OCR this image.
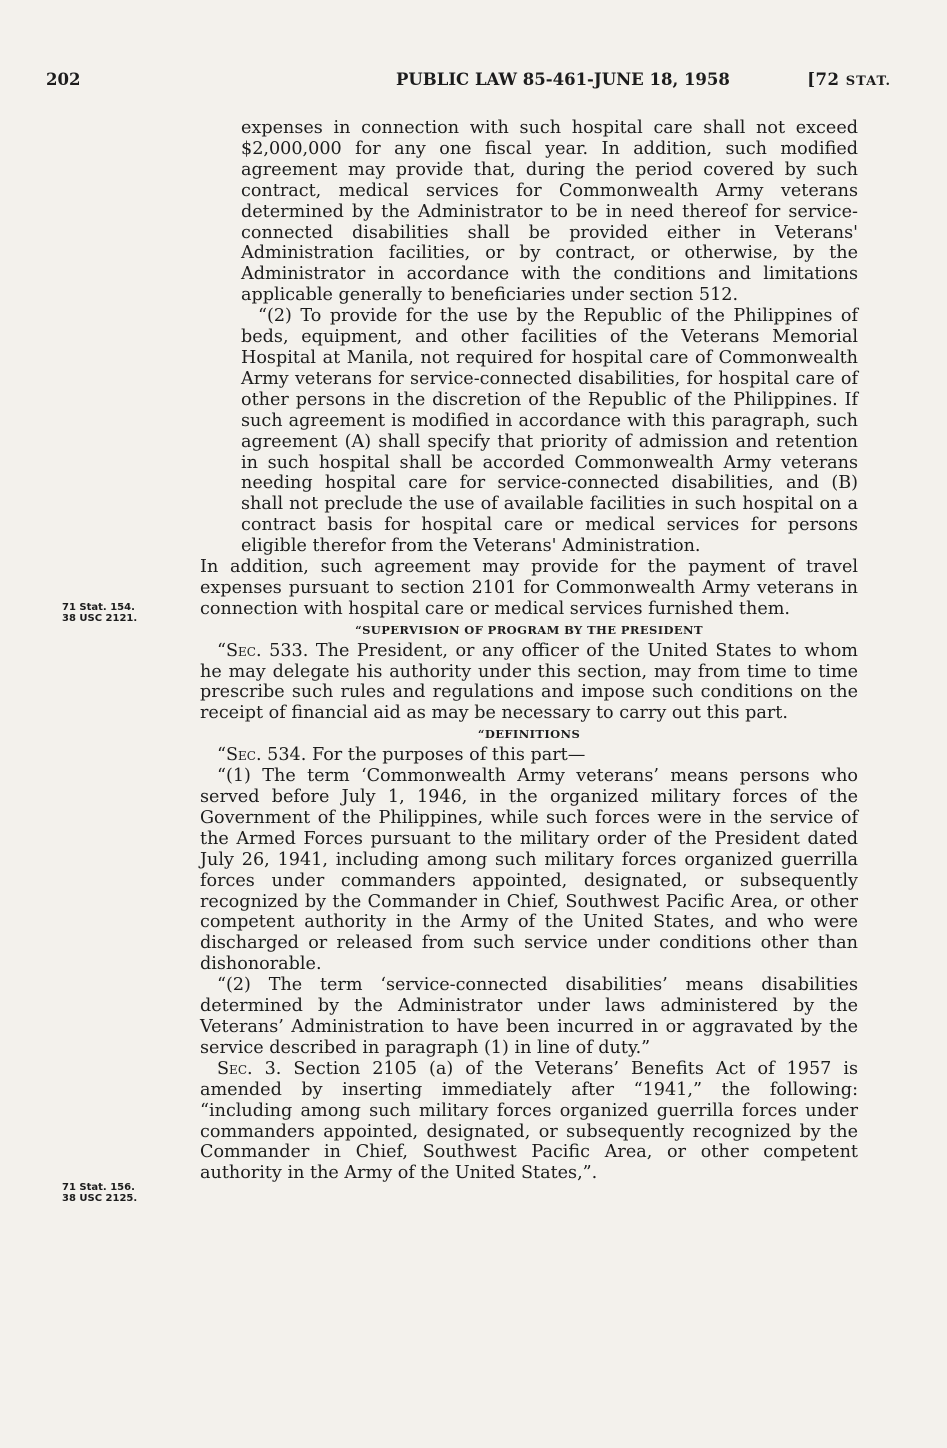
202	PUBLIC LAW 85-461-JUNE 18, 1958	[72 STAT.
71 Stat. 154.
38 USC 2121.
71 Stat. 156.
38 USC 2125.

expenses in connection with such hospital care shall not exceed $2,000,000 for any one fiscal year. In addition, such modified agreement may provide that, during the period covered by such contract, medical services for Commonwealth Army veterans determined by the Administrator to be in need thereof for service-connected disabilities shall be provided either in Veterans' Administration facilities, or by contract, or otherwise, by the Administrator in accordance with the conditions and limitations applicable generally to beneficiaries under section 512.

“(2) To provide for the use by the Republic of the Philippines of beds, equipment, and other facilities of the Veterans Memorial Hospital at Manila, not required for hospital care of Commonwealth Army veterans for service-connected disabilities, for hospital care of other persons in the discretion of the Republic of the Philippines. If such agreement is modified in accordance with this paragraph, such agreement (A) shall specify that priority of admission and retention in such hospital shall be accorded Commonwealth Army veterans needing hospital care for service-connected disabilities, and (B) shall not preclude the use of available facilities in such hospital on a contract basis for hospital care or medical services for persons eligible therefor from the Veterans' Administration.

In addition, such agreement may provide for the payment of travel expenses pursuant to section 2101 for Commonwealth Army veterans in connection with hospital care or medical services furnished them.

“SUPERVISION OF PROGRAM BY THE PRESIDENT

“Sec. 533. The President, or any officer of the United States to whom he may delegate his authority under this section, may from time to time prescribe such rules and regulations and impose such conditions on the receipt of financial aid as may be necessary to carry out this part.

“DEFINITIONS

“Sec. 534. For the purposes of this part—

“(1) The term ‘Commonwealth Army veterans’ means persons who served before July 1, 1946, in the organized military forces of the Government of the Philippines, while such forces were in the service of the Armed Forces pursuant to the military order of the President dated July 26, 1941, including among such military forces organized guerrilla forces under commanders appointed, designated, or subsequently recognized by the Commander in Chief, Southwest Pacific Area, or other competent authority in the Army of the United States, and who were discharged or released from such service under conditions other than dishonorable.

“(2) The term ‘service-connected disabilities’ means disabilities determined by the Administrator under laws administered by the Veterans’ Administration to have been incurred in or aggravated by the service described in paragraph (1) in line of duty.”

Sec. 3. Section 2105 (a) of the Veterans’ Benefits Act of 1957 is amended by inserting immediately after “1941,” the following: “including among such military forces organized guerrilla forces under commanders appointed, designated, or subsequently recognized by the Commander in Chief, Southwest Pacific Area, or other competent authority in the Army of the United States,”.
